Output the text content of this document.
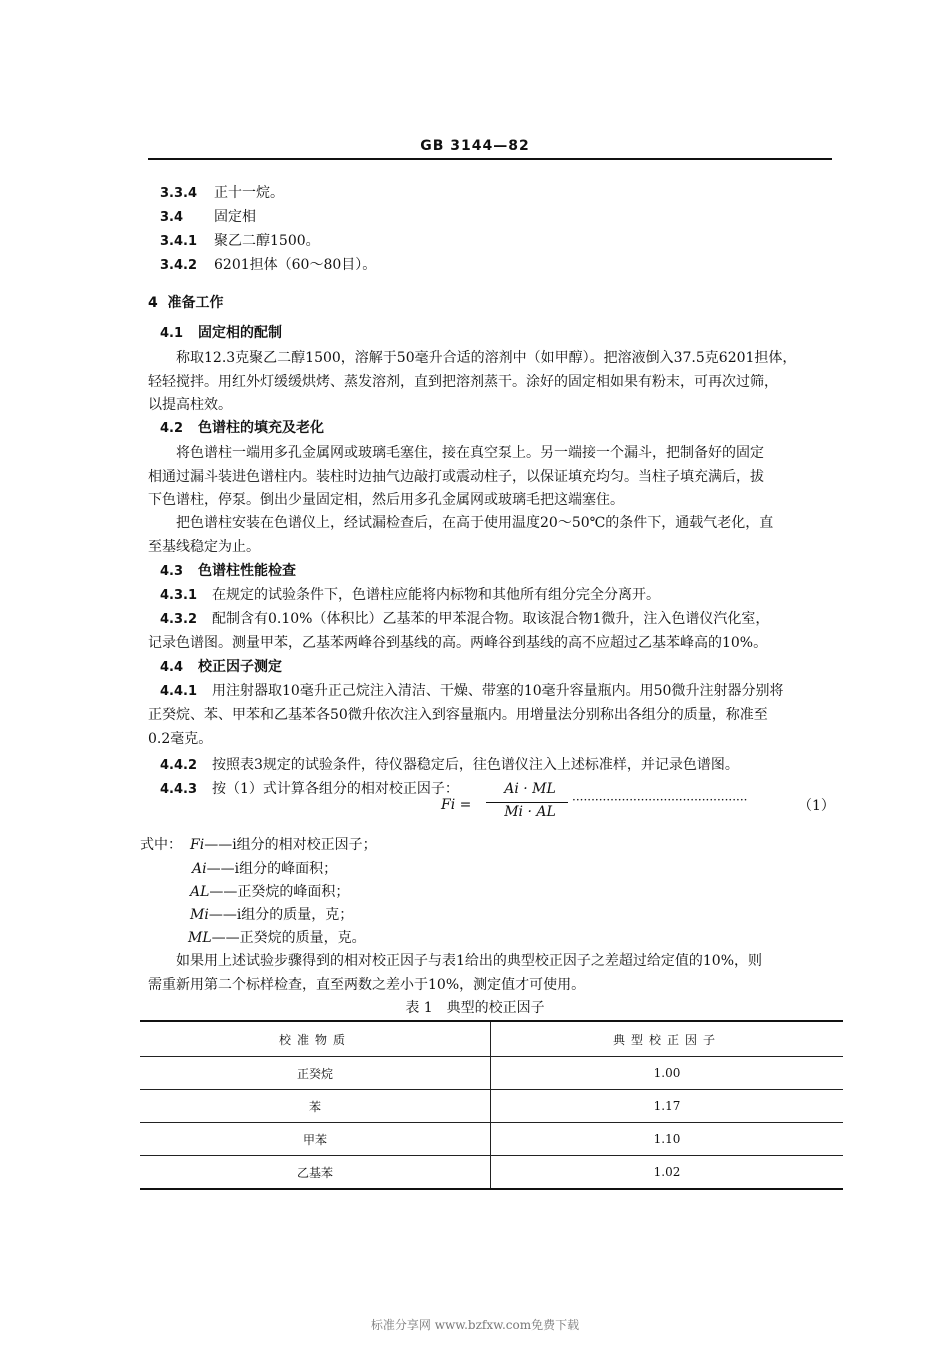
GB 3144—82
3.3.4 正十一烷。
3.4 固定相
3.4.1 聚乙二醇1500。
3.4.2 6201担体（60～80目）。
4 准备工作
4.1 固定相的配制
称取12.3克聚乙二醇1500，溶解于50毫升合适的溶剂中（如甲醇）。把溶液倒入37.5克6201担体，
轻轻搅拌。用红外灯缓缓烘烤、蒸发溶剂，直到把溶剂蒸干。涂好的固定相如果有粉末，可再次过筛，
以提高柱效。
4.2 色谱柱的填充及老化
将色谱柱一端用多孔金属网或玻璃毛塞住，接在真空泵上。另一端接一个漏斗，把制备好的固定
相通过漏斗装进色谱柱内。装柱时边抽气边敲打或震动柱子，以保证填充均匀。当柱子填充满后，拔
下色谱柱，停泵。倒出少量固定相，然后用多孔金属网或玻璃毛把这端塞住。
把色谱柱安装在色谱仪上，经试漏检查后，在高于使用温度20～50℃的条件下，通载气老化，直
至基线稳定为止。
4.3 色谱柱性能检查
4.3.1 在规定的试验条件下，色谱柱应能将内标物和其他所有组分完全分离开。
4.3.2 配制含有0.10%（体积比）乙基苯的甲苯混合物。取该混合物1微升，注入色谱仪汽化室，
记录色谱图。测量甲苯，乙基苯两峰谷到基线的高。两峰谷到基线的高不应超过乙基苯峰高的10%。
4.4 校正因子测定
4.4.1 用注射器取10毫升正己烷注入清洁、干燥、带塞的10毫升容量瓶内。用50微升注射器分别将
正癸烷、苯、甲苯和乙基苯各50微升依次注入到容量瓶内。用增量法分别称出各组分的质量，称准至
0.2毫克。
4.4.2 按照表3规定的试验条件，待仪器稳定后，往色谱仪注入上述标准样，并记录色谱图。
4.4.3 按（1）式计算各组分的相对校正因子：
Fi =
Ai · ML
Mi · AL
··············································	（1）
式中： Fi——i组分的相对校正因子；
Ai——i组分的峰面积；
AL——正癸烷的峰面积；
Mi——i组分的质量，克；
ML——正癸烷的质量，克。
如果用上述试验步骤得到的相对校正因子与表1给出的典型校正因子之差超过给定值的10%，则
需重新用第二个标样检查，直至两数之差小于10%，测定值才可使用。
表 1　典型的校正因子
校准物质	典型校正因子
正癸烷	1.00
苯	1.17
甲苯	1.10
乙基苯	1.02
标准分享网 www.bzfxw.com免费下载
